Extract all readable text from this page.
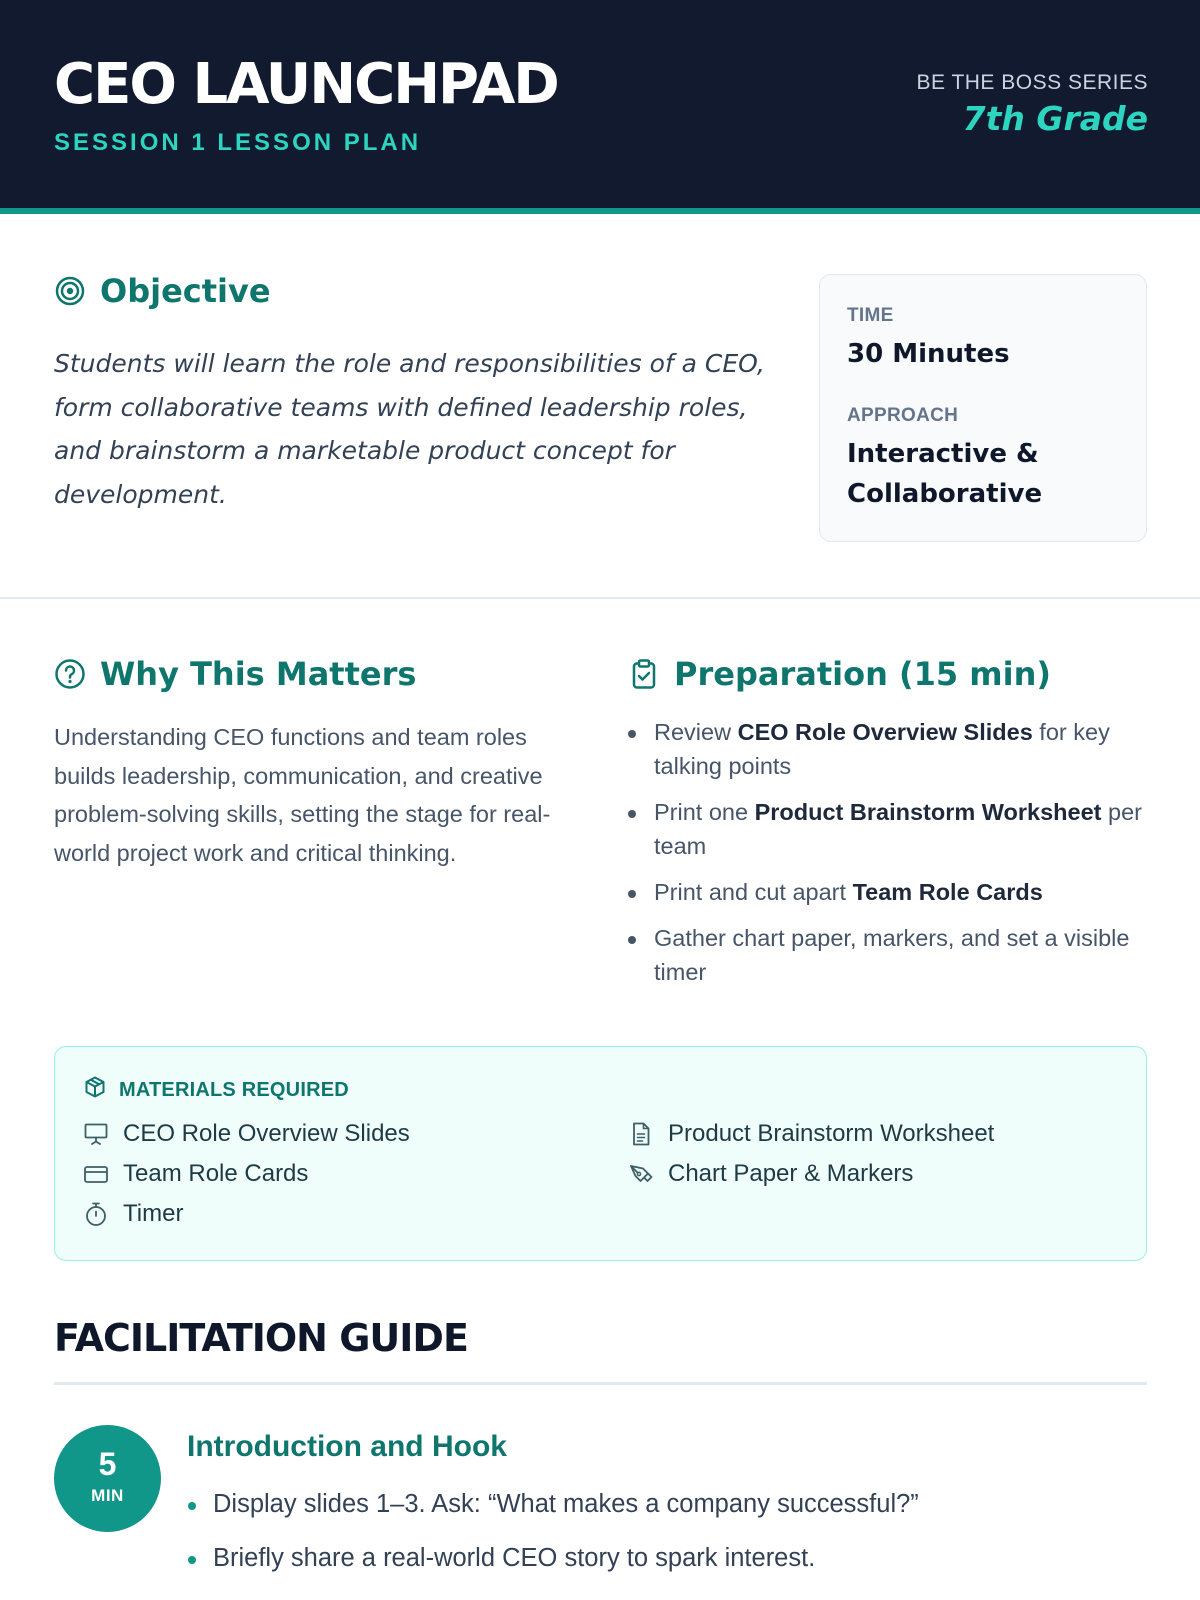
CEO LAUNCHPAD
SESSION 1 LESSON PLAN
BE THE BOSS SERIES
7th Grade
Objective

Students will learn the role and responsibilities of a CEO, form collaborative teams with defined leadership roles, and brainstorm a marketable product concept for development.

TIME
30 Minutes
APPROACH
Interactive & Collaborative
Why This Matters

Understanding CEO functions and team roles builds leadership, communication, and creative problem-solving skills, setting the stage for real-world project work and critical thinking.

Preparation (15 min)
Review CEO Role Overview Slides for key talking points
Print one Product Brainstorm Worksheet per team
Print and cut apart Team Role Cards
Gather chart paper, markers, and set a visible timer
MATERIALS REQUIRED
CEO Role Overview Slides	Product Brainstorm Worksheet
Team Role Cards	Chart Paper & Markers
Timer
FACILITATION GUIDE
5
MIN
Introduction and Hook
Display slides 1–3. Ask: “What makes a company successful?”
Briefly share a real-world CEO story to spark interest.
